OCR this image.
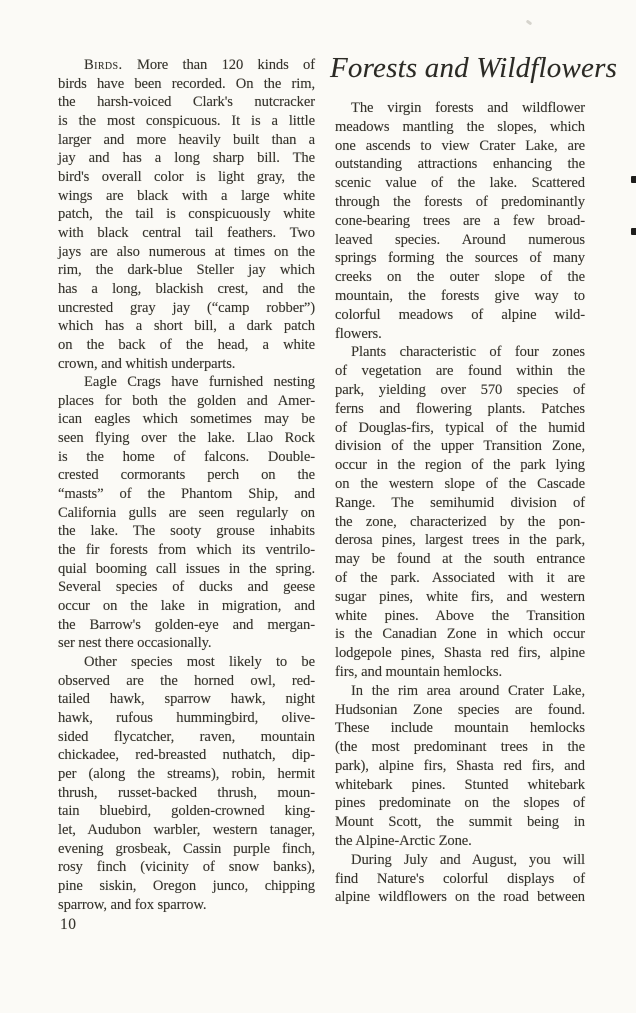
Birds. More than 120 kinds of
birds have been recorded. On the rim,
the harsh-voiced Clark's nutcracker
is the most conspicuous. It is a little
larger and more heavily built than a
jay and has a long sharp bill. The
bird's overall color is light gray, the
wings are black with a large white
patch, the tail is conspicuously white
with black central tail feathers. Two
jays are also numerous at times on the
rim, the dark-blue Steller jay which
has a long, blackish crest, and the
uncrested gray jay (“camp robber”)
which has a short bill, a dark patch
on the back of the head, a white
crown, and whitish underparts.
Eagle Crags have furnished nesting
places for both the golden and Amer-
ican eagles which sometimes may be
seen flying over the lake. Llao Rock
is the home of falcons. Double-
crested cormorants perch on the
“masts” of the Phantom Ship, and
California gulls are seen regularly on
the lake. The sooty grouse inhabits
the fir forests from which its ventrilo-
quial booming call issues in the spring.
Several species of ducks and geese
occur on the lake in migration, and
the Barrow's golden-eye and mergan-
ser nest there occasionally.
Other species most likely to be
observed are the horned owl, red-
tailed hawk, sparrow hawk, night
hawk, rufous hummingbird, olive-
sided flycatcher, raven, mountain
chickadee, red-breasted nuthatch, dip-
per (along the streams), robin, hermit
thrush, russet-backed thrush, moun-
tain bluebird, golden-crowned king-
let, Audubon warbler, western tanager,
evening grosbeak, Cassin purple finch,
rosy finch (vicinity of snow banks),
pine siskin, Oregon junco, chipping
sparrow, and fox sparrow.
Forests and Wildflowers
The virgin forests and wildflower
meadows mantling the slopes, which
one ascends to view Crater Lake, are
outstanding attractions enhancing the
scenic value of the lake. Scattered
through the forests of predominantly
cone-bearing trees are a few broad-
leaved species. Around numerous
springs forming the sources of many
creeks on the outer slope of the
mountain, the forests give way to
colorful meadows of alpine wild-
flowers.
Plants characteristic of four zones
of vegetation are found within the
park, yielding over 570 species of
ferns and flowering plants. Patches
of Douglas-firs, typical of the humid
division of the upper Transition Zone,
occur in the region of the park lying
on the western slope of the Cascade
Range. The semihumid division of
the zone, characterized by the pon-
derosa pines, largest trees in the park,
may be found at the south entrance
of the park. Associated with it are
sugar pines, white firs, and western
white pines. Above the Transition
is the Canadian Zone in which occur
lodgepole pines, Shasta red firs, alpine
firs, and mountain hemlocks.
In the rim area around Crater Lake,
Hudsonian Zone species are found.
These include mountain hemlocks
(the most predominant trees in the
park), alpine firs, Shasta red firs, and
whitebark pines. Stunted whitebark
pines predominate on the slopes of
Mount Scott, the summit being in
the Alpine-Arctic Zone.
During July and August, you will
find Nature's colorful displays of
alpine wildflowers on the road between
10
